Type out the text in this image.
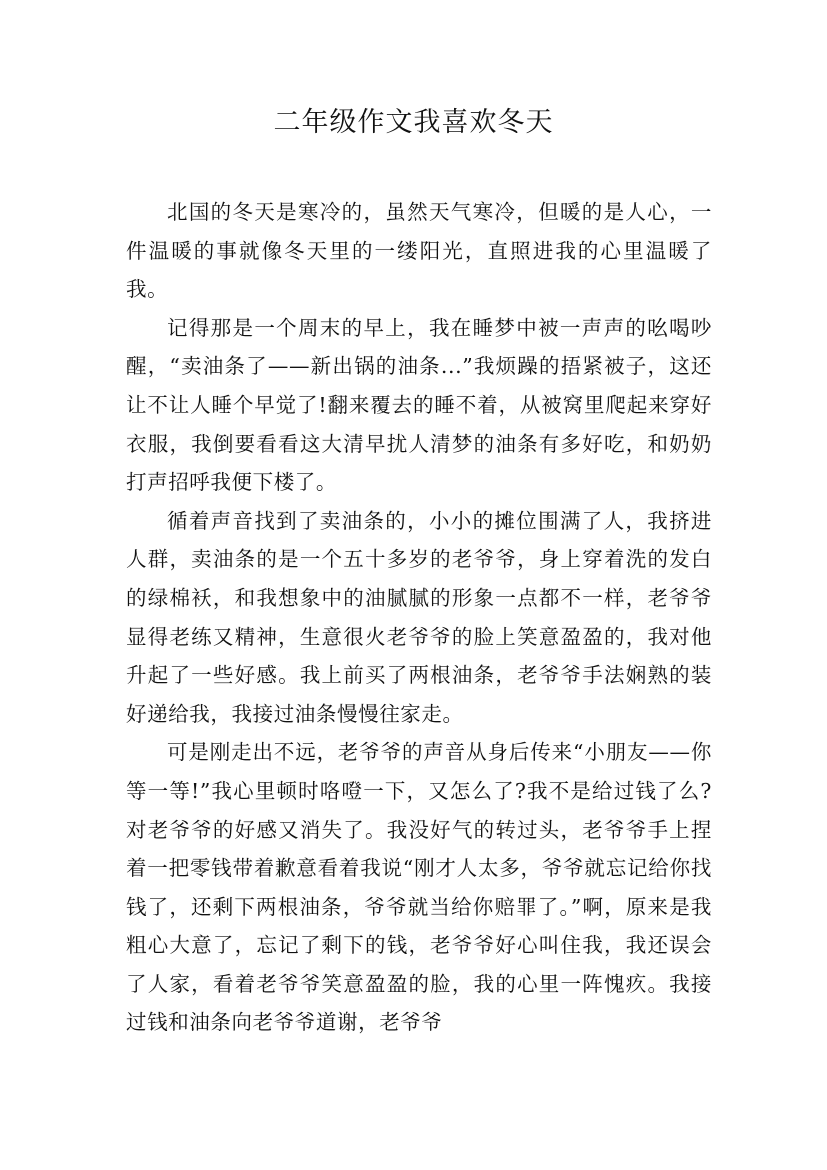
二年级作文我喜欢冬天

北国的冬天是寒冷的，虽然天气寒冷，但暖的是人心，一件温暖的事就像冬天里的一缕阳光，直照进我的心里温暖了我。

记得那是一个周末的早上，我在睡梦中被一声声的吆喝吵醒，“卖油条了——新出锅的油条...”我烦躁的捂紧被子，这还让不让人睡个早觉了!翻来覆去的睡不着，从被窝里爬起来穿好衣服，我倒要看看这大清早扰人清梦的油条有多好吃，和奶奶打声招呼我便下楼了。

循着声音找到了卖油条的，小小的摊位围满了人，我挤进人群，卖油条的是一个五十多岁的老爷爷，身上穿着洗的发白的绿棉袄，和我想象中的油腻腻的形象一点都不一样，老爷爷显得老练又精神，生意很火老爷爷的脸上笑意盈盈的，我对他升起了一些好感。我上前买了两根油条，老爷爷手法娴熟的装好递给我，我接过油条慢慢往家走。

可是刚走出不远，老爷爷的声音从身后传来“小朋友——你等一等!”我心里顿时咯噔一下，又怎么了?我不是给过钱了么?对老爷爷的好感又消失了。我没好气的转过头，老爷爷手上捏着一把零钱带着歉意看着我说“刚才人太多，爷爷就忘记给你找钱了，还剩下两根油条，爷爷就当给你赔罪了。”啊，原来是我粗心大意了，忘记了剩下的钱，老爷爷好心叫住我，我还误会了人家，看着老爷爷笑意盈盈的脸，我的心里一阵愧疚。我接过钱和油条向老爷爷道谢，老爷爷
